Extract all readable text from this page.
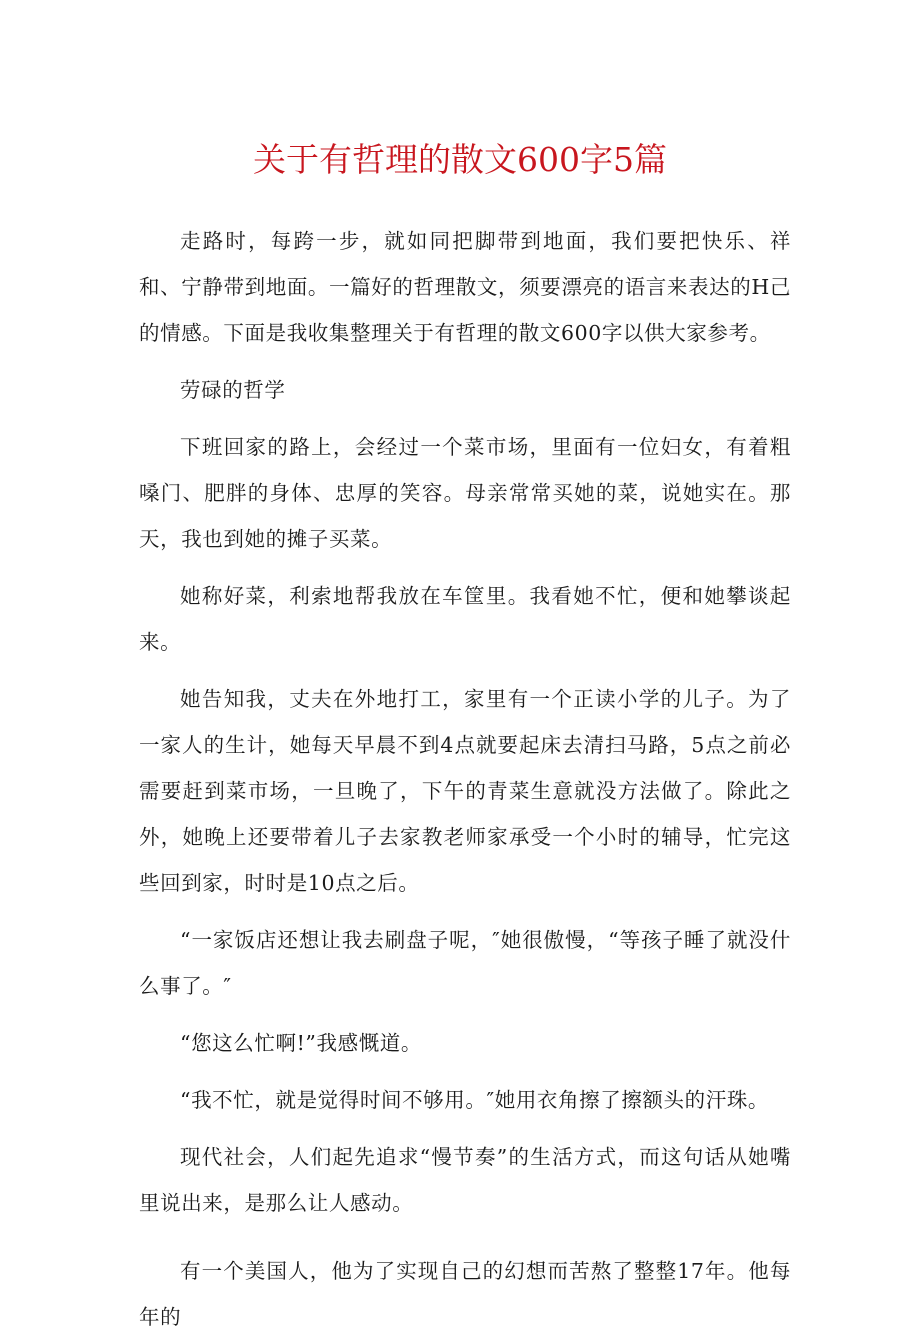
关于有哲理的散文600字5篇

走路时，每跨一步，就如同把脚带到地面，我们要把快乐、祥和、宁静带到地面。一篇好的哲理散文，须要漂亮的语言来表达的H己的情感。下面是我收集整理关于有哲理的散文600字以供大家参考。

劳碌的哲学

下班回家的路上，会经过一个菜市场，里面有一位妇女，有着粗嗓门、肥胖的身体、忠厚的笑容。母亲常常买她的菜，说她实在。那天，我也到她的摊子买菜。

她称好菜，利索地帮我放在车筐里。我看她不忙，便和她攀谈起来。

她告知我，丈夫在外地打工，家里有一个正读小学的儿子。为了一家人的生计，她每天早晨不到4点就要起床去清扫马路，5点之前必需要赶到菜市场，一旦晚了，下午的青菜生意就没方法做了。除此之外，她晚上还要带着儿子去家教老师家承受一个小时的辅导，忙完这些回到家，时时是10点之后。

“一家饭店还想让我去刷盘子呢，″她很傲慢，“等孩子睡了就没什么事了。″

“您这么忙啊!”我感慨道。

“我不忙，就是觉得时间不够用。″她用衣角擦了擦额头的汗珠。

现代社会，人们起先追求“慢节奏”的生活方式，而这句话从她嘴里说出来，是那么让人感动。

有一个美国人，他为了实现自己的幻想而苦熬了整整17年。他每年的
